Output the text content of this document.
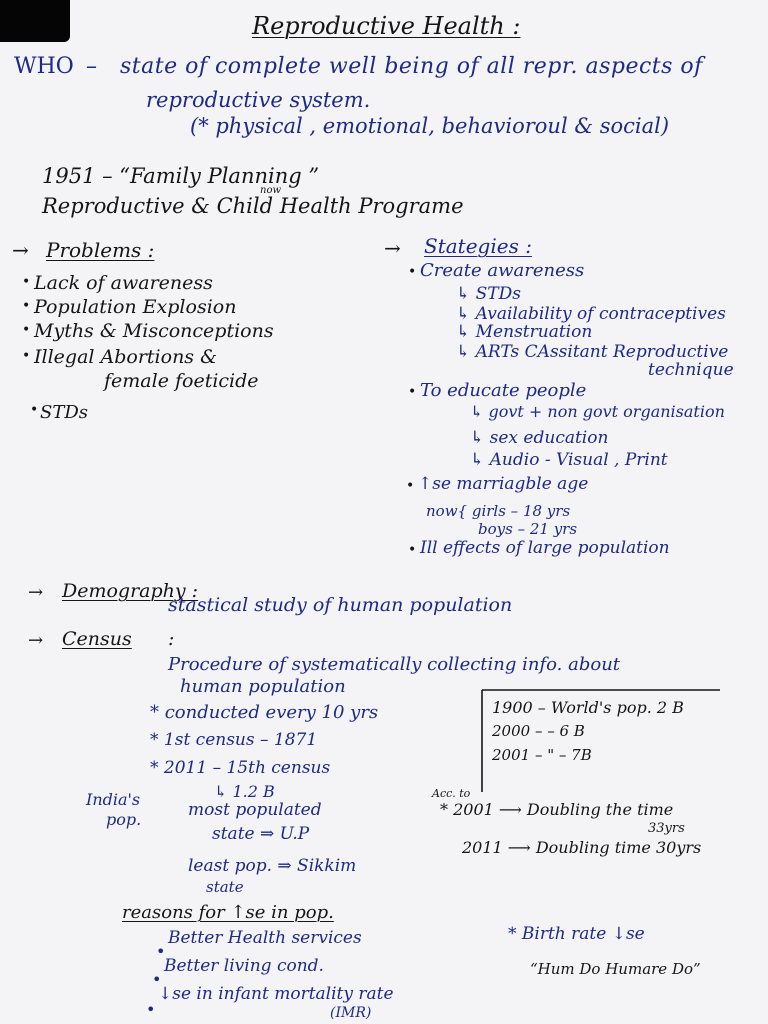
Reproductive Health :
WHO – state of complete well being of all repr. aspects of
reproductive system.
(* physical , emotional, behavioroul & social)
1951 – “Family Planning ”
now
Reproductive & Child Health Programe
→ Problems :
Lack of awareness
Population Explosion
Myths & Misconceptions
Illegal Abortions &
female foeticide
STDs
→ Stategies :
Create awareness
↳ STDs
↳ Availability of contraceptives
↳ Menstruation
↳ ARTs CAssitant Reproductive
technique
To educate people
↳ govt + non govt organisation
↳ sex education
↳ Audio - Visual , Print
↑se marriagble age
now{ girls – 18 yrs
boys – 21 yrs
Ill effects of large population
→ Demography :
stastical study of human population
→ Census :
Procedure of systematically collecting info. about
human population
* conducted every 10 yrs
* 1st census – 1871
* 2011 – 15th census
↳ 1.2 B
India's
pop.	most populated
state ⇒ U.P
least pop. ⇒ Sikkim
state
1900 – World's pop. 2 B
2000 – – 6 B
2001 – " – 7B
Acc. to
* 2001 ⟶ Doubling the time
33yrs
2011 ⟶ Doubling time 30yrs
reasons for ↑se in pop.
•
Better Health services
•
Better living cond.
•
↓se in infant mortality rate
(IMR)
* Birth rate ↓se
“Hum Do Humare Do”
•
•
•
•
•
•
•
•
•
